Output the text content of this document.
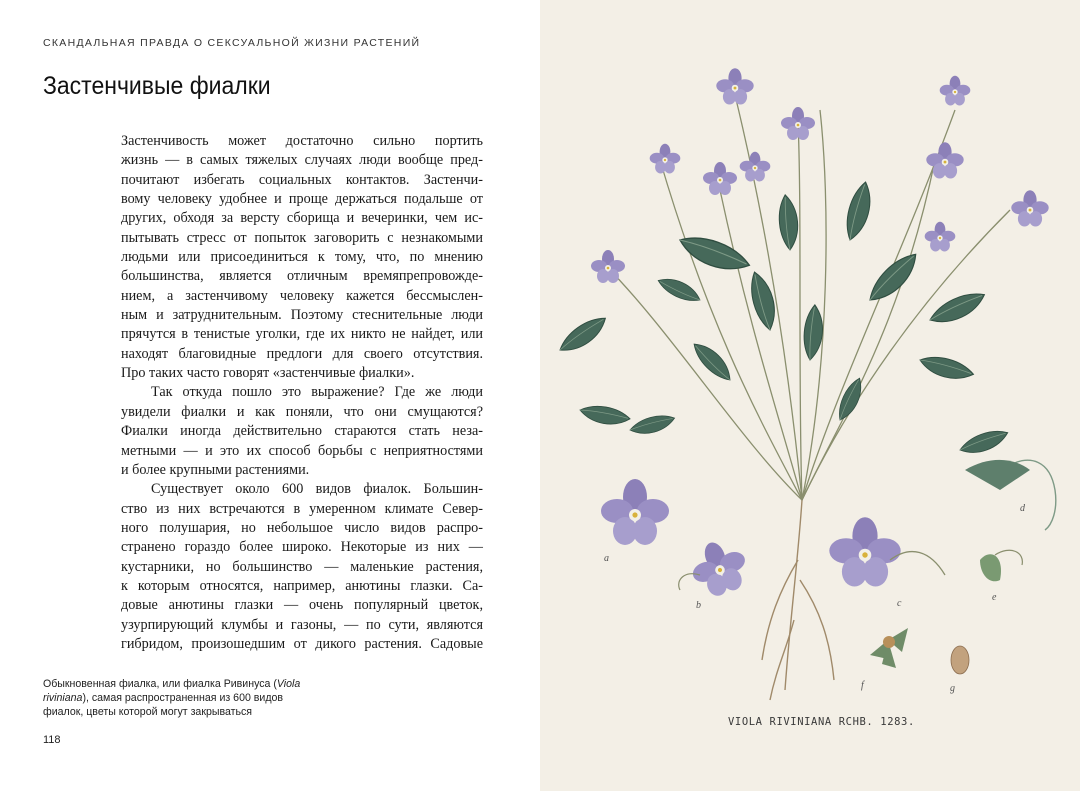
СКАНДАЛЬНАЯ ПРАВДА О СЕКСУАЛЬНОЙ ЖИЗНИ РАСТЕНИЙ
Застенчивые фиалки
Застенчивость может достаточно сильно портить
жизнь — в самых тяжелых случаях люди вообще пред-
почитают избегать социальных контактов. Застенчи-
вому человеку удобнее и проще держаться подальше от
других, обходя за версту сборища и вечеринки, чем ис-
пытывать стресс от попыток заговорить с незнакомыми
людьми или присоединиться к тому, что, по мнению
большинства, является отличным времяпрепровожде-
нием, а застенчивому человеку кажется бессмыслен-
ным и затруднительным. Поэтому стеснительные люди
прячутся в тенистые уголки, где их никто не найдет, или
находят благовидные предлоги для своего отсутствия.
Про таких часто говорят «застенчивые фиалки».
Так откуда пошло это выражение? Где же люди
увидели фиалки и как поняли, что они смущаются?
Фиалки иногда действительно стараются стать неза-
метными — и это их способ борьбы с неприятностями
и более крупными растениями.
Существует около 600 видов фиалок. Большин-
ство из них встречаются в умеренном климате Север-
ного полушария, но небольшое число видов распро-
странено гораздо более широко. Некоторые из них —
кустарники, но большинство — маленькие растения,
к которым относятся, например, анютины глазки. Са-
довые анютины глазки — очень популярный цветок,
узурпирующий клумбы и газоны, — по сути, являются
гибридом, произошедшим от дикого растения. Садовые
Обыкновенная фиалка, или фиалка Ривинуса (Viola
riviniana), самая распространенная из 600 видов
фиалок, цветы которой могут закрываться
118
a
b	c
d
e
f	g
VIOLA RIVINIANA RCHB. 1283.
